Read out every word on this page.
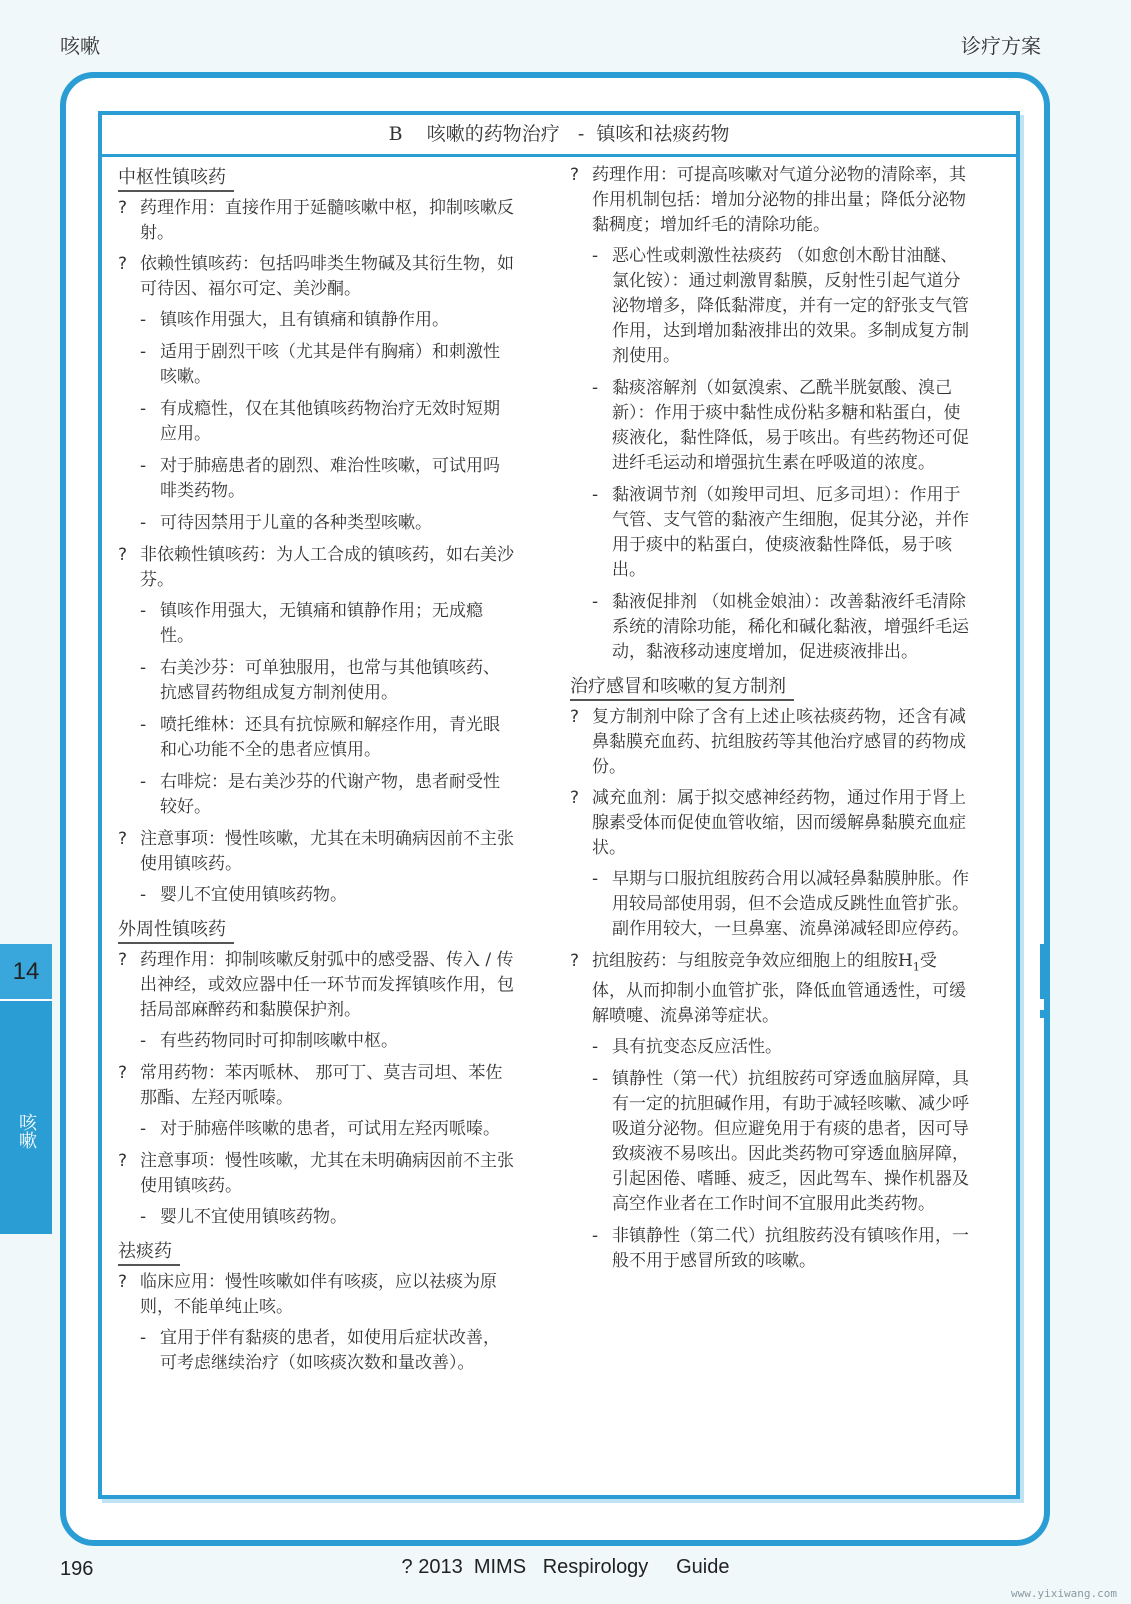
咳嗽	诊疗方案
B    咳嗽的药物治疗   -  镇咳和祛痰药物
中枢性镇咳药
? 药理作用：直接作用于延髓咳嗽中枢，抑制咳嗽反射。
? 依赖性镇咳药：包括吗啡类生物碱及其衍生物，如可待因、福尔可定、美沙酮。
- 镇咳作用强大，且有镇痛和镇静作用。
- 适用于剧烈干咳（尤其是伴有胸痛）和刺激性咳嗽。
- 有成瘾性，仅在其他镇咳药物治疗无效时短期应用。
- 对于肺癌患者的剧烈、难治性咳嗽，可试用吗啡类药物。
- 可待因禁用于儿童的各种类型咳嗽。
? 非依赖性镇咳药：为人工合成的镇咳药，如右美沙芬。
- 镇咳作用强大，无镇痛和镇静作用；无成瘾性。
- 右美沙芬：可单独服用，也常与其他镇咳药、抗感冒药物组成复方制剂使用。
- 喷托维林：还具有抗惊厥和解痉作用，青光眼和心功能不全的患者应慎用。
- 右啡烷：是右美沙芬的代谢产物，患者耐受性较好。
? 注意事项：慢性咳嗽，尤其在未明确病因前不主张使用镇咳药。
- 婴儿不宜使用镇咳药物。
外周性镇咳药
? 药理作用：抑制咳嗽反射弧中的感受器、传入 / 传出神经，或效应器中任一环节而发挥镇咳作用，包括局部麻醉药和黏膜保护剂。
- 有些药物同时可抑制咳嗽中枢。
? 常用药物：苯丙哌林、 那可丁、莫吉司坦、苯佐那酯、左羟丙哌嗪。
- 对于肺癌伴咳嗽的患者，可试用左羟丙哌嗪。
? 注意事项：慢性咳嗽，尤其在未明确病因前不主张使用镇咳药。
- 婴儿不宜使用镇咳药物。
祛痰药
? 临床应用：慢性咳嗽如伴有咳痰，应以祛痰为原则，不能单纯止咳。
- 宜用于伴有黏痰的患者，如使用后症状改善，可考虑继续治疗（如咳痰次数和量改善）。
? 药理作用：可提高咳嗽对气道分泌物的清除率，其作用机制包括：增加分泌物的排出量；降低分泌物黏稠度；增加纤毛的清除功能。
- 恶心性或刺激性祛痰药 （如愈创木酚甘油醚、氯化铵）：通过刺激胃黏膜，反射性引起气道分泌物增多，降低黏滞度，并有一定的舒张支气管作用，达到增加黏液排出的效果。多制成复方制剂使用。
- 黏痰溶解剂（如氨溴索、乙酰半胱氨酸、溴己新）：作用于痰中黏性成份粘多糖和粘蛋白，使痰液化，黏性降低，易于咳出。有些药物还可促进纤毛运动和增强抗生素在呼吸道的浓度。
- 黏液调节剂（如羧甲司坦、厄多司坦）：作用于气管、支气管的黏液产生细胞，促其分泌，并作用于痰中的粘蛋白，使痰液黏性降低，易于咳出。
- 黏液促排剂 （如桃金娘油）：改善黏液纤毛清除系统的清除功能，稀化和碱化黏液，增强纤毛运动，黏液移动速度增加，促进痰液排出。
治疗感冒和咳嗽的复方制剂
? 复方制剂中除了含有上述止咳祛痰药物，还含有减鼻黏膜充血药、抗组胺药等其他治疗感冒的药物成份。
? 减充血剂：属于拟交感神经药物，通过作用于肾上腺素受体而促使血管收缩，因而缓解鼻黏膜充血症状。
- 早期与口服抗组胺药合用以减轻鼻黏膜肿胀。作用较局部使用弱，但不会造成反跳性血管扩张。副作用较大，一旦鼻塞、流鼻涕减轻即应停药。
? 抗组胺药：与组胺竞争效应细胞上的组胺$H_1$受体，从而抑制小血管扩张，降低血管通透性，可缓解喷嚏、流鼻涕等症状。
- 具有抗变态反应活性。
- 镇静性（第一代）抗组胺药可穿透血脑屏障，具有一定的抗胆碱作用，有助于减轻咳嗽、减少呼吸道分泌物。但应避免用于有痰的患者，因可导致痰液不易咳出。因此类药物可穿透血脑屏障，引起困倦、嗜睡、疲乏，因此驾车、操作机器及高空作业者在工作时间不宜服用此类药物。
- 非镇静性（第二代）抗组胺药没有镇咳作用，一般不用于感冒所致的咳嗽。
14
咳嗽
196	? 2013  MIMS   Respirology     Guide
www.yixiwang.com
